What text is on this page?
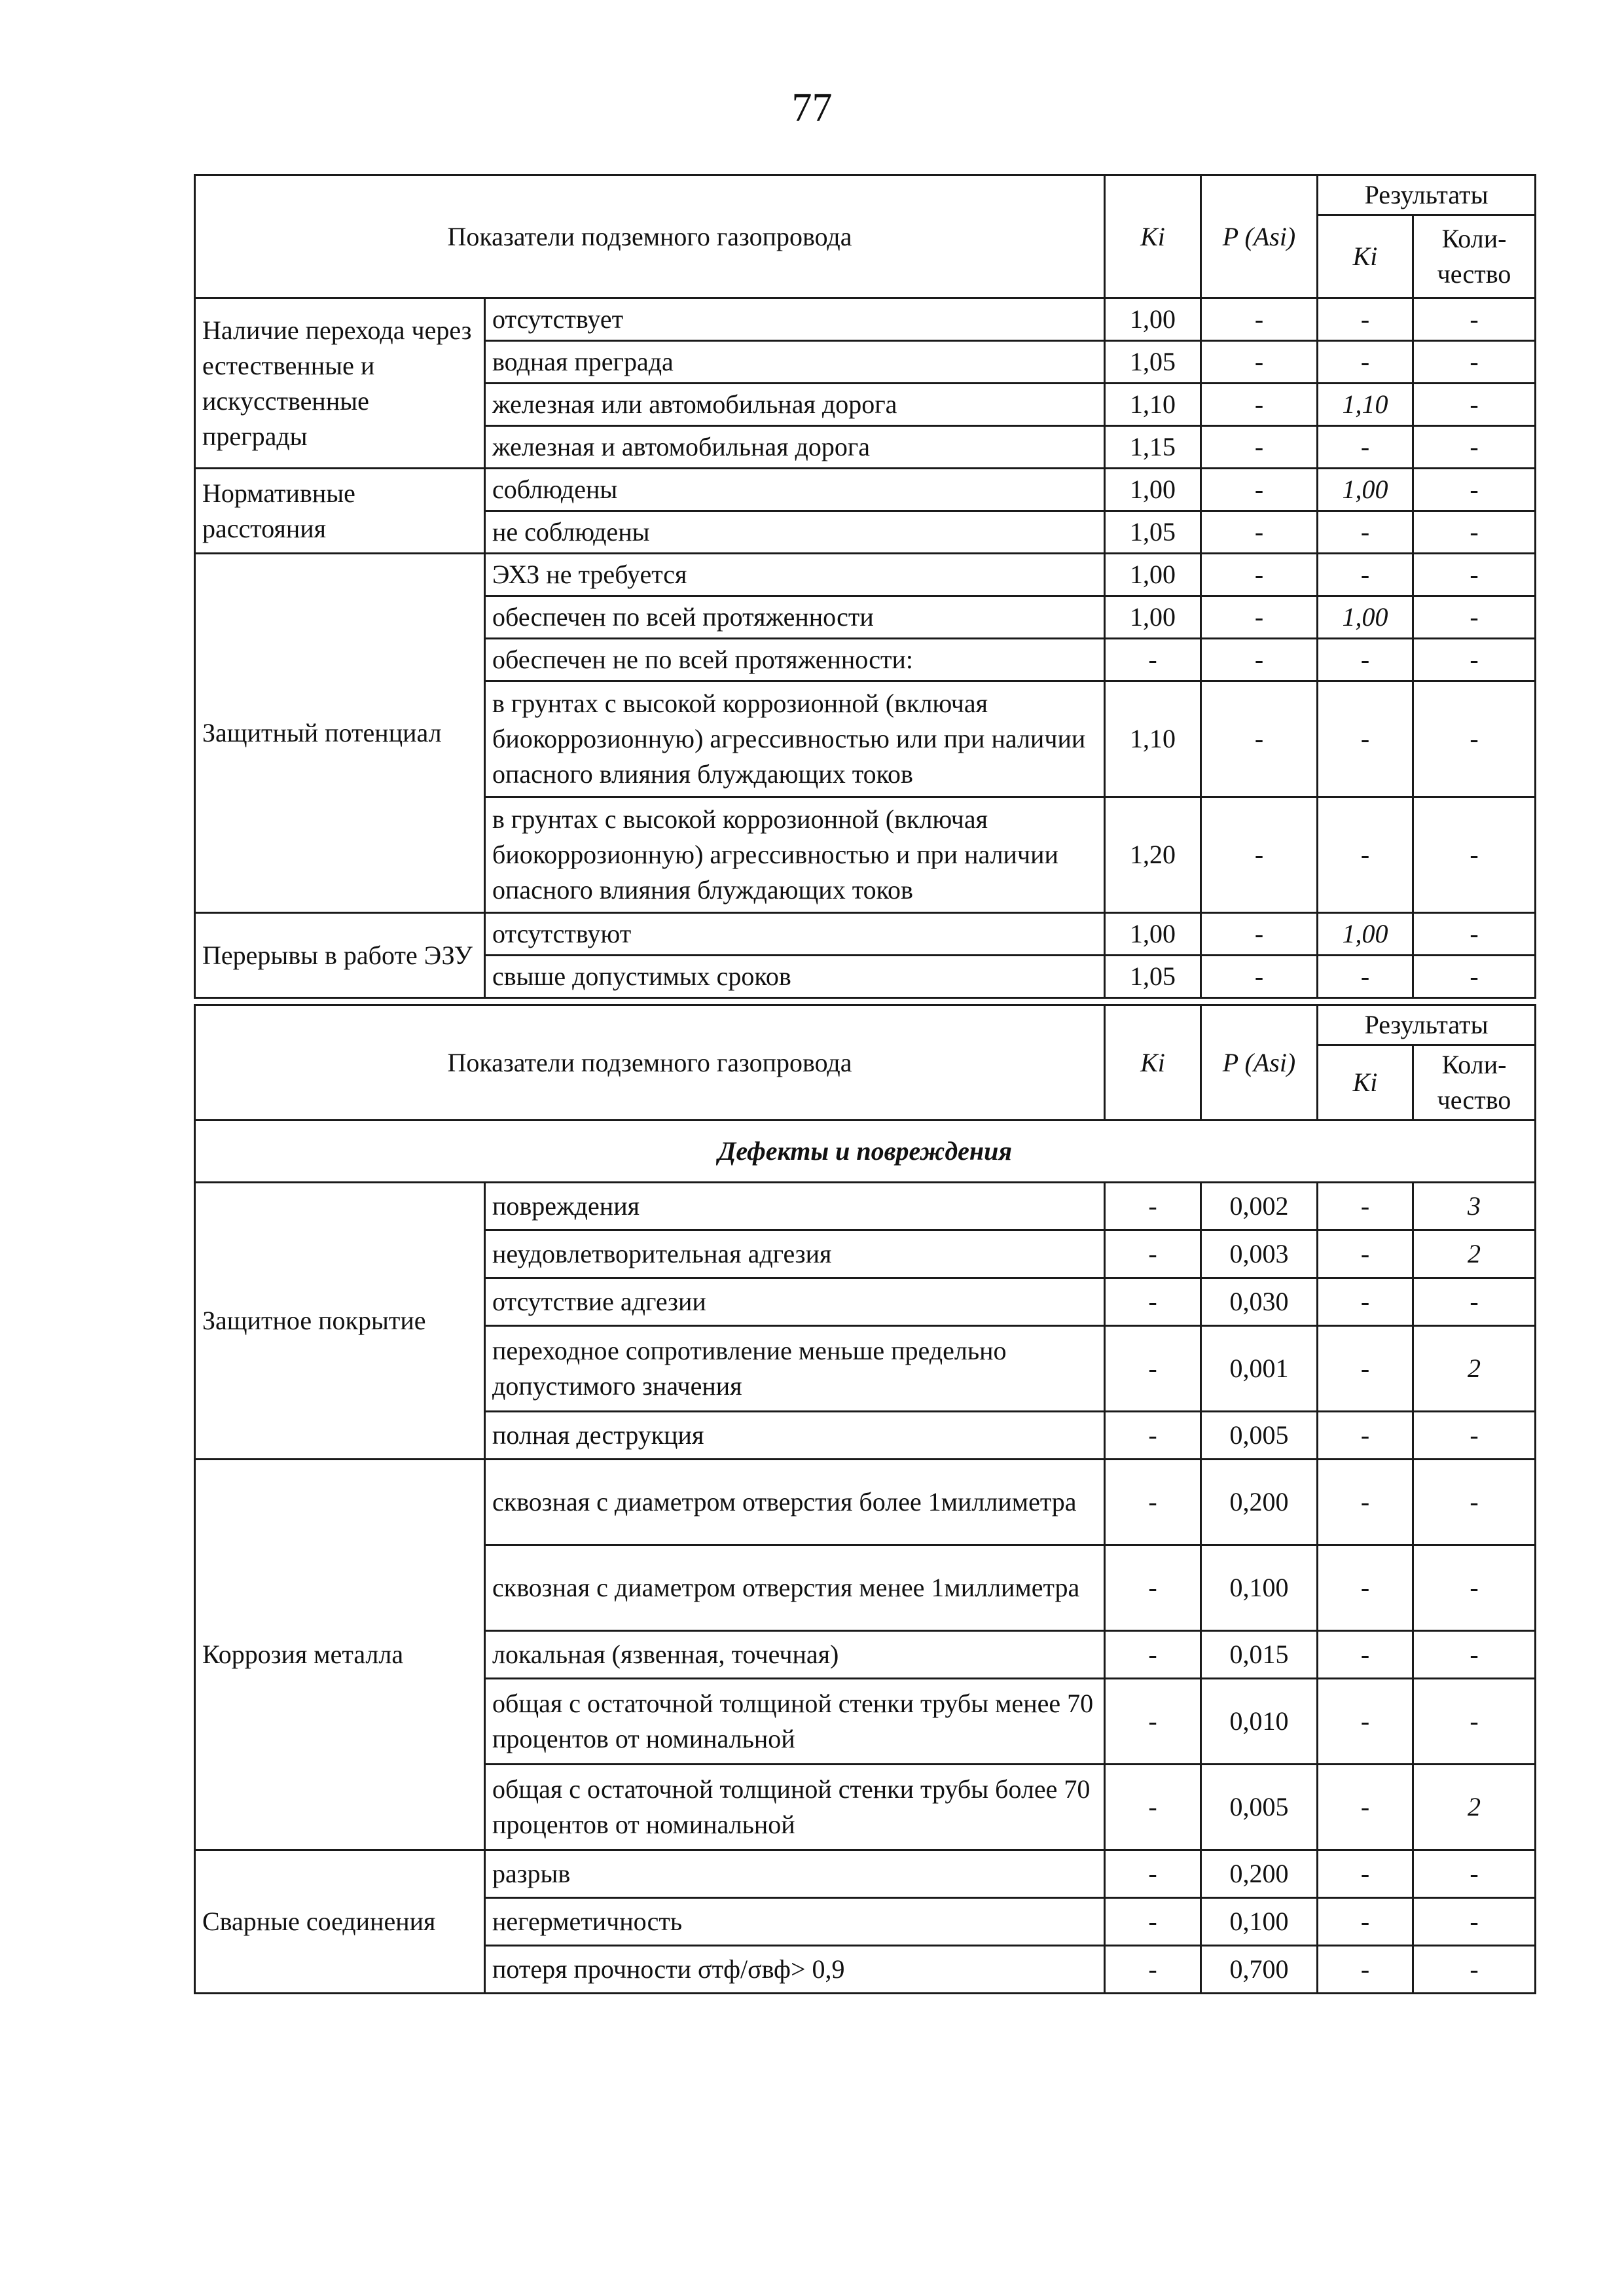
77
Показатели подземного газопровода		Ki	P (Asi)	Результаты	
				Ki	Коли-чество
Наличие перехода через естественные и искусственные преграды	отсутствует	1,00	-	-	-
	водная преграда	1,05	-	-	-
	железная или автомобильная дорога	1,10	-	1,10	-
	железная и автомобильная дорога	1,15	-	-	-
Нормативные расстояния	соблюдены	1,00	-	1,00	-
	не соблюдены	1,05	-	-	-
Защитный потенциал	ЭХЗ не требуется	1,00	-	-	-
	обеспечен по всей протяженности	1,00	-	1,00	-
	обеспечен не по всей протяженности:	-	-	-	-
	в грунтах с высокой коррозионной (включая биокоррозионную) агрессивностью или при наличии опасного влияния блуждающих токов	1,10	-	-	-
	в грунтах с высокой коррозионной (включая биокоррозионную) агрессивностью и при наличии опасного влияния блуждающих токов	1,20	-	-	-
Перерывы в работе ЭЗУ	отсутствуют	1,00	-	1,00	-
	свыше допустимых сроков	1,05	-	-	-
Показатели подземного газопровода		Ki	P (Asi)	Результаты	
				Ki	Коли-чество
Дефекты и повреждения					
Защитное покрытие	повреждения	-	0,002	-	3
	неудовлетворительная адгезия	-	0,003	-	2
	отсутствие адгезии	-	0,030	-	-
	переходное сопротивление меньше предельно допустимого значения	-	0,001	-	2
	полная деструкция	-	0,005	-	-
Коррозия металла	сквозная с диаметром отверстия более 1миллиметра	-	0,200	-	-
	сквозная с диаметром отверстия менее 1миллиметра	-	0,100	-	-
	локальная (язвенная, точечная)	-	0,015	-	-
	общая с остаточной толщиной стенки трубы менее 70 процентов от номинальной	-	0,010	-	-
	общая с остаточной толщиной стенки трубы более 70 процентов от номинальной	-	0,005	-	2
Сварные соединения	разрыв	-	0,200	-	-
	негерметичность	-	0,100	-	-
	потеря прочности σтф/σвф> 0,9	-	0,700	-	-
